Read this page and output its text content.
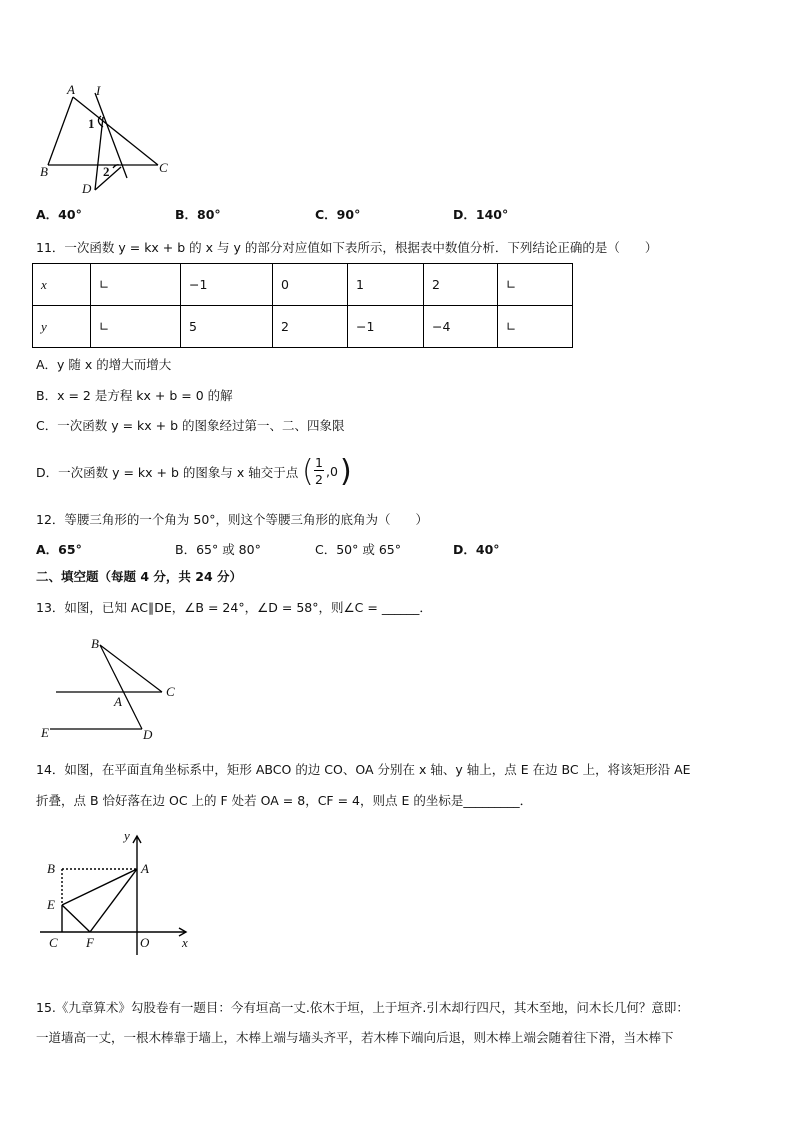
A I
1
B	C
2
D
A．40°	B．80°	C．90°	D．140°
11．一次函数 y = kx + b 的 x 与 y 的部分对应值如下表所示，根据表中数值分析．下列结论正确的是（　　）
x	∟	−1	0	1	2	∟
y	∟	5	2	−1	−4	∟
A．y 随 x 的增大而增大
B．x = 2 是方程 kx + b = 0 的解
C．一次函数 y = kx + b 的图象经过第一、二、四象限
D．一次函数 y = kx + b 的图象与 x 轴交于点 ( 1
2
,0 )
12．等腰三角形的一个角为 50°，则这个等腰三角形的底角为（　　）
A．65°	B．65° 或 80°	C．50° 或 65°	D．40°
二、填空题（每题 4 分，共 24 分）
13．如图，已知 AC∥DE，∠B = 24°，∠D = 58°，则∠C = ______．
B
C
A
E	D
14．如图，在平面直角坐标系中，矩形 ABCO 的边 CO、OA 分别在 x 轴、y 轴上，点 E 在边 BC 上，将该矩形沿 AE
折叠，点 B 恰好落在边 OC 上的 F 处若 OA = 8，CF = 4，则点 E 的坐标是_________．
y
B	A
E
C F	O	x
15.《九章算术》勾股卷有一题目：今有垣高一丈.依木于垣，上于垣齐.引木却行四尺，其木至地，问木长几何？意即：
一道墙高一丈，一根木棒靠于墙上，木棒上端与墙头齐平，若木棒下端向后退，则木棒上端会随着往下滑，当木棒下
